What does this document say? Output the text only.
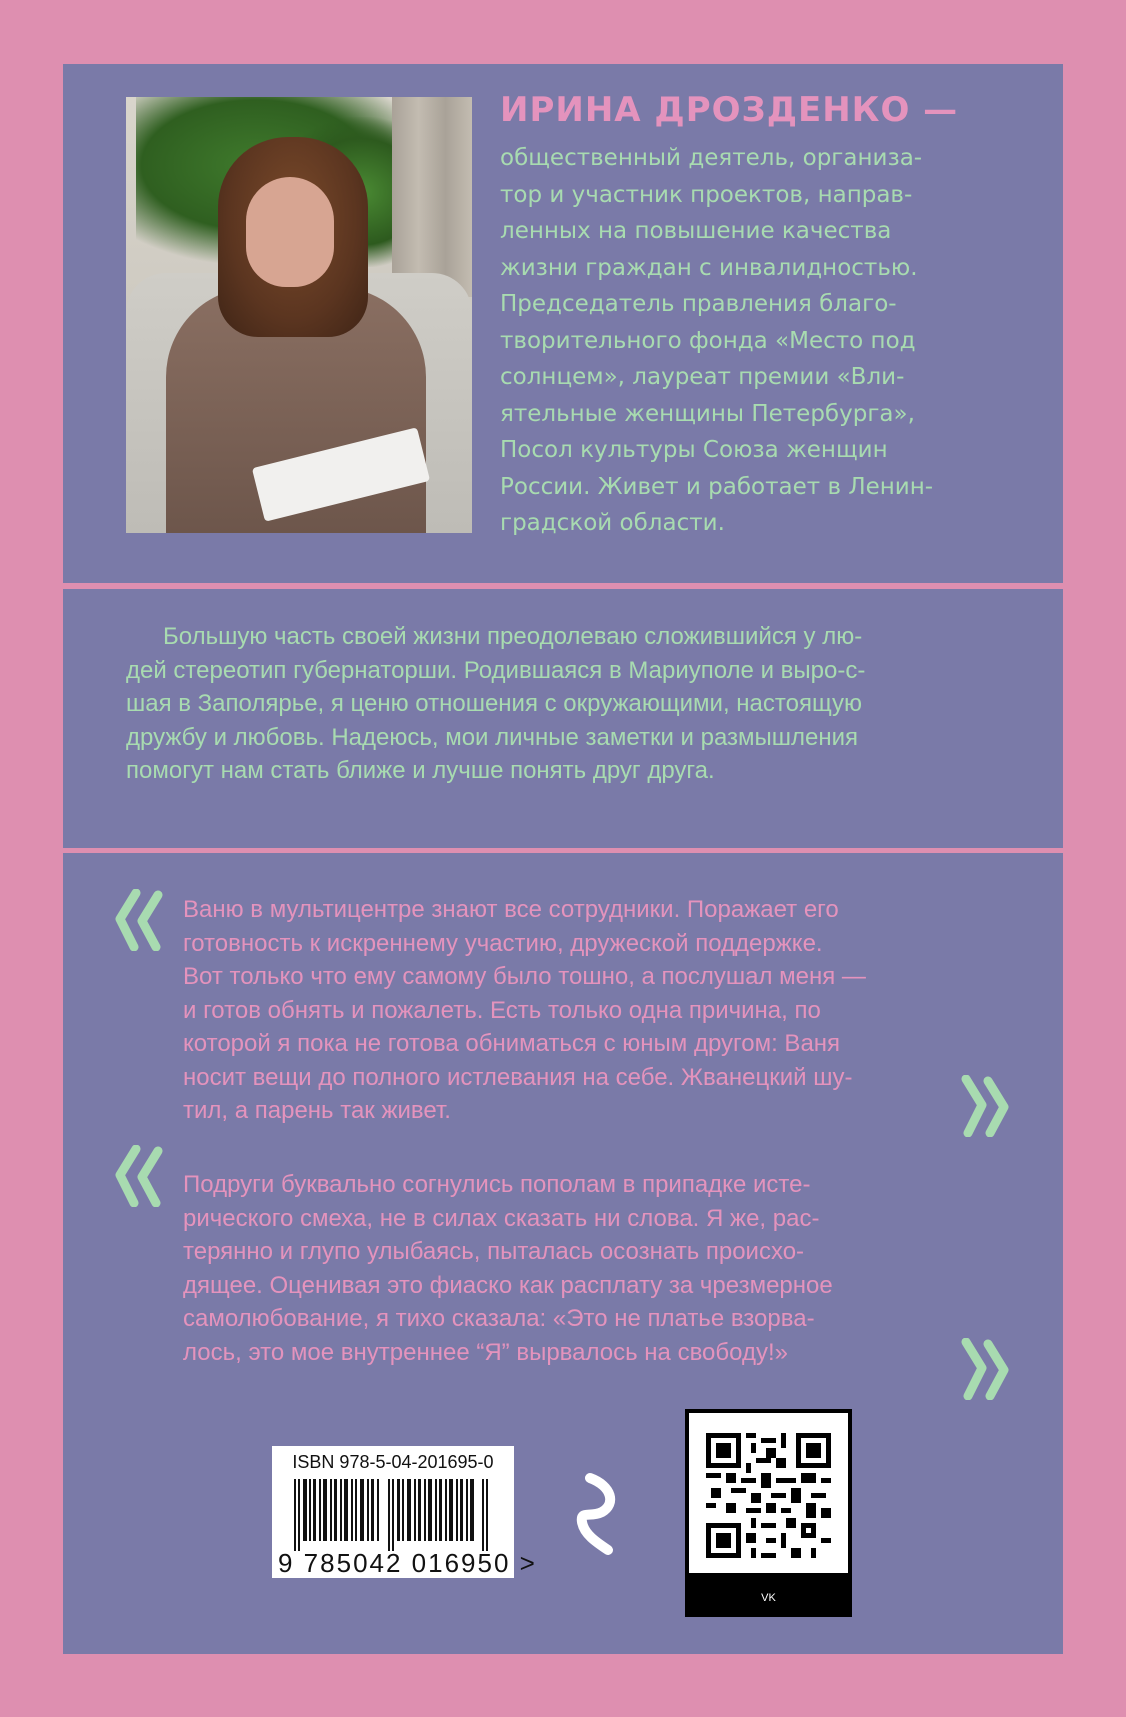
ИРИНА ДРОЗДЕНКО —

общественный деятель, организа-
тор и участник проектов, направ-
ленных на повышение качества
жизни граждан с инвалидностью.
Председатель правления благо-
творительного фонда «Место под
солнцем», лауреат премии «Вли-
ятельные женщины Петербурга»,
Посол культуры Союза женщин
России. Живет и работает в Ленин-
градской области.

Большую часть своей жизни преодолеваю сложившийся у лю-
дей стереотип губернаторши. Родившаяся в Мариуполе и выро-с-
шая в Заполярье, я ценю отношения с окружающими, настоящую
дружбу и любовь. Надеюсь, мои личные заметки и размышления
помогут нам стать ближе и лучше понять друг друга.
Ваню в мультицентре знают все сотрудники. Поражает его
готовность к искреннему участию, дружеской поддержке.
Вот только что ему самому было тошно, а послушал меня —
и готов обнять и пожалеть. Есть только одна причина, по
которой я пока не готова обниматься с юным другом: Ваня
носит вещи до полного истлевания на себе. Жванецкий шу-
тил, а парень так живет.
Подруги буквально согнулись пополам в припадке исте-
рического смеха, не в силах сказать ни слова. Я же, рас-
терянно и глупо улыбаясь, пыталась осознать происхо-
дящее. Оценивая это фиаско как расплату за чрезмерное
самолюбование, я тихо сказала: «Это не платье взорва-
лось, это мое внутреннее “Я” вырвалось на свободу!»
ISBN 978-5-04-201695-0
9 785042 016950 >
VK
